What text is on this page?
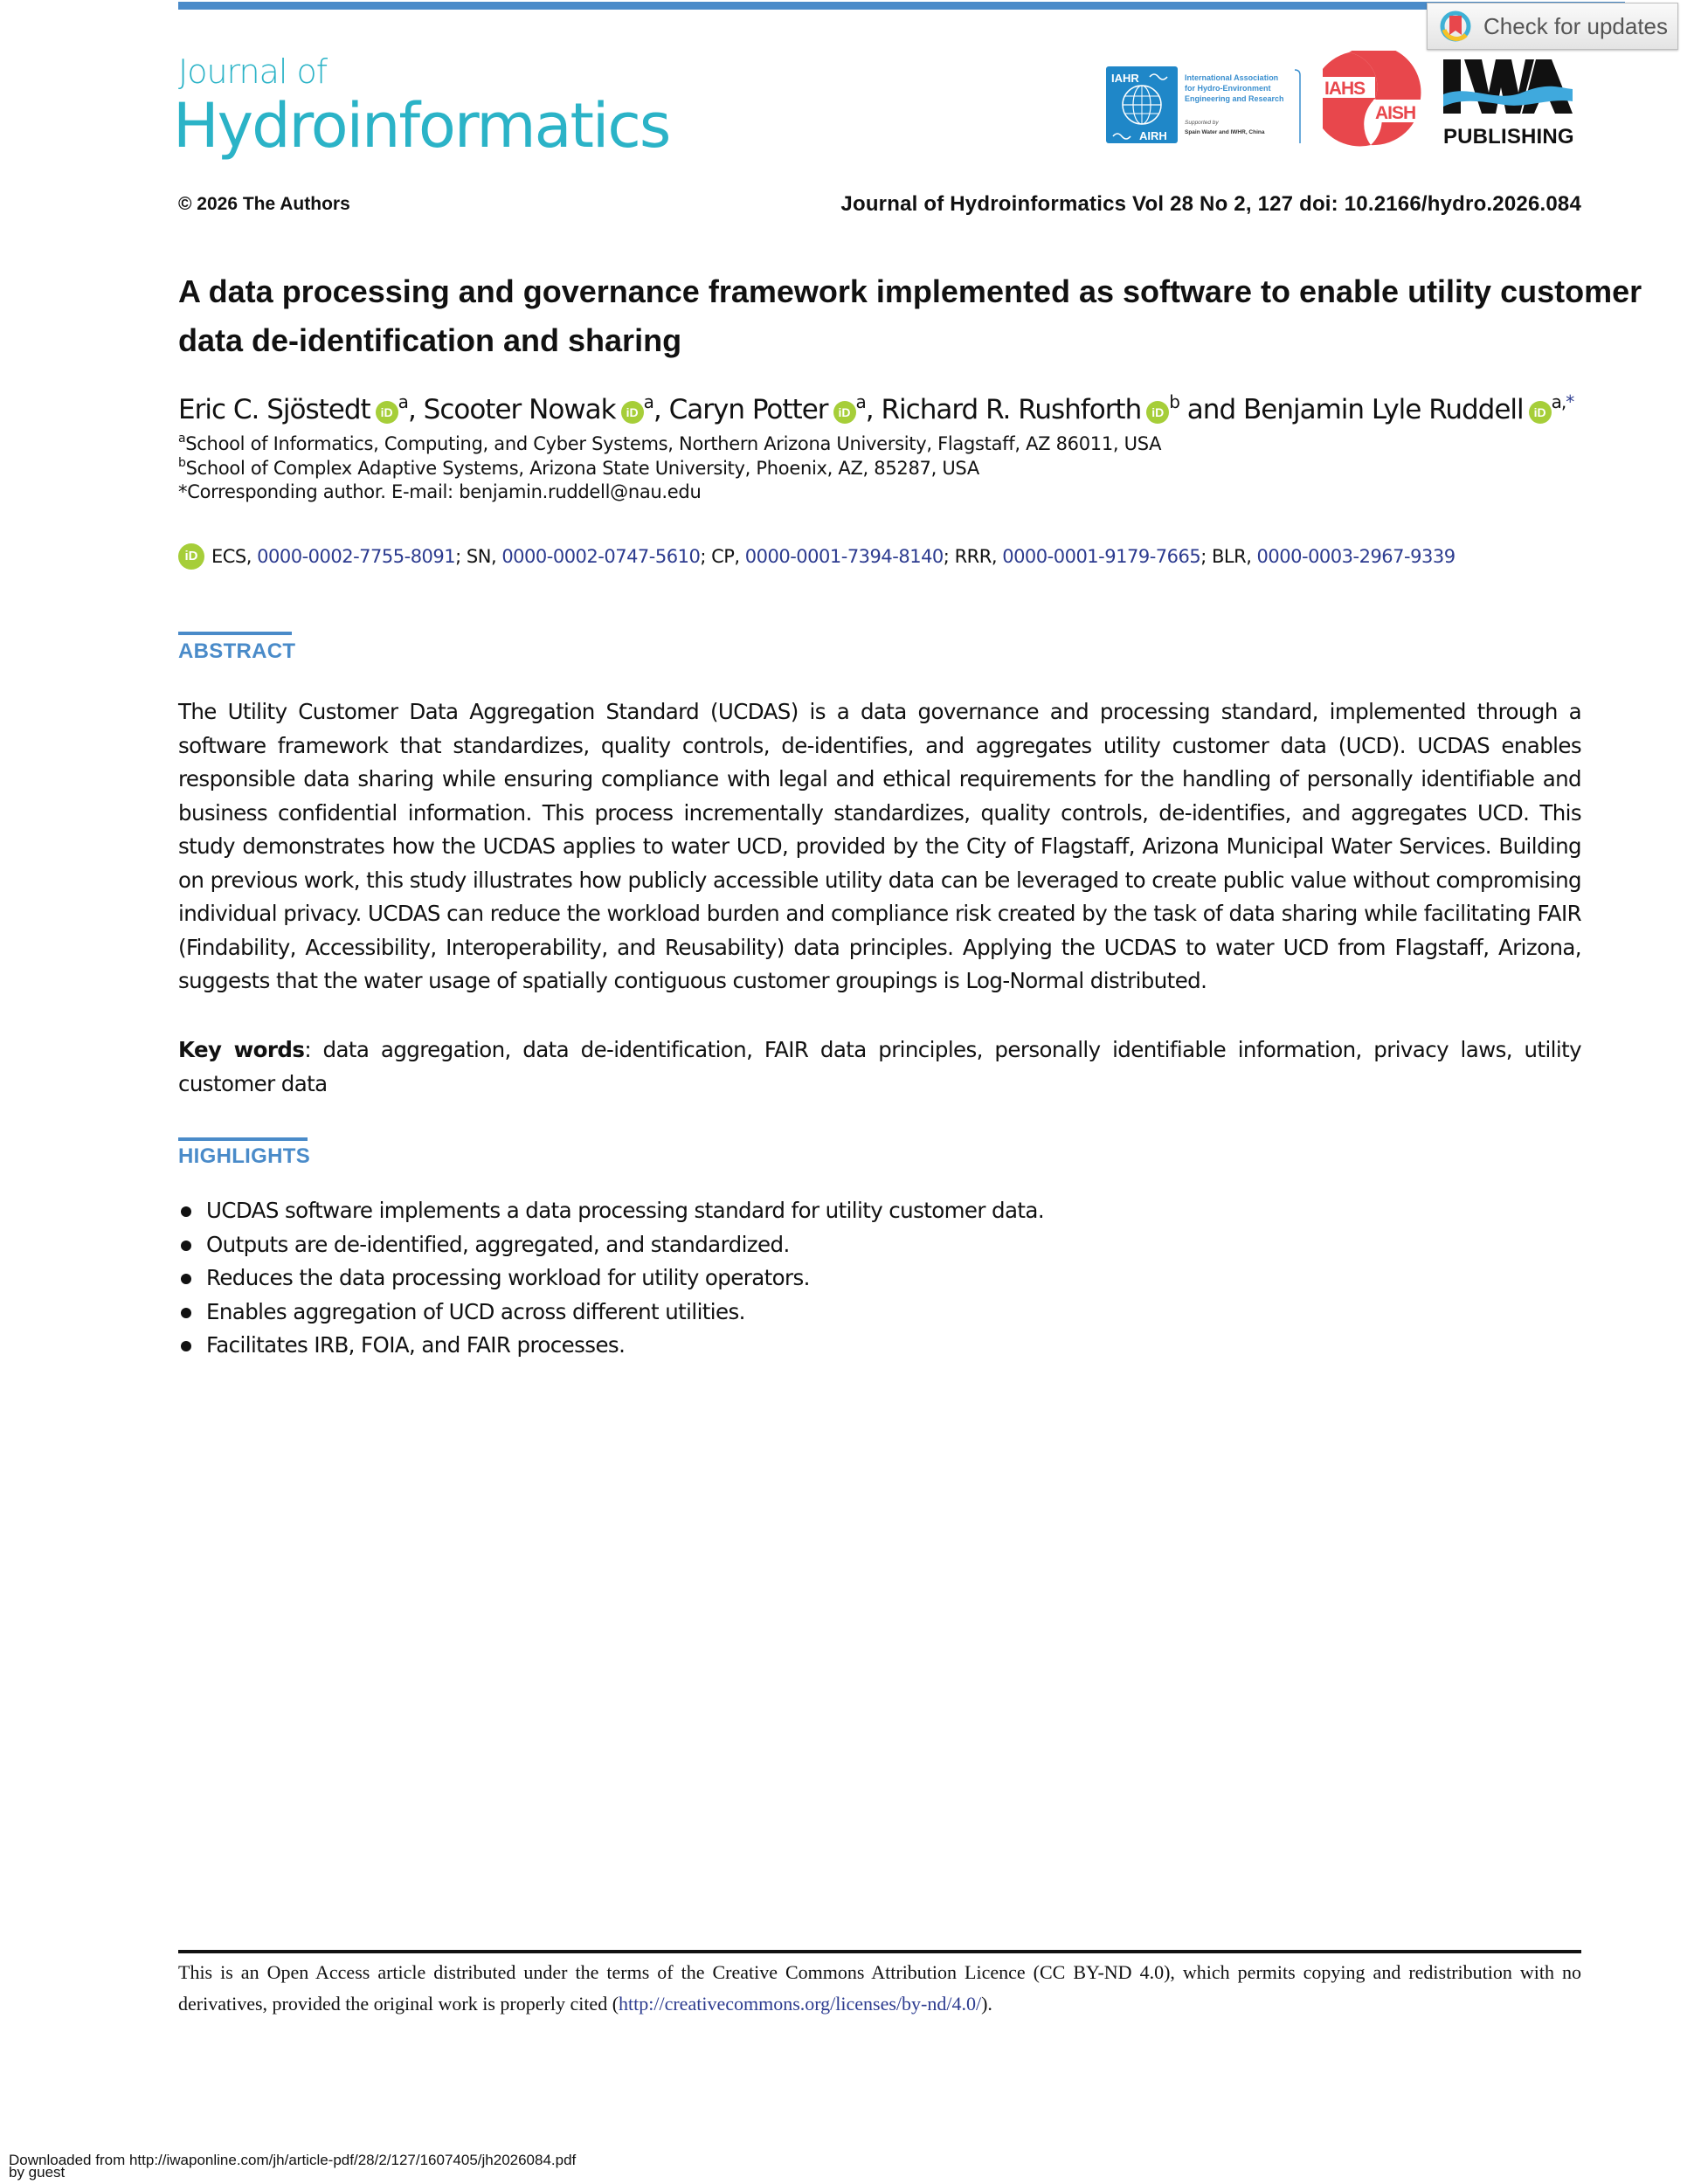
Check for updates
Journal of
Hydroinformatics
IAHR
AIRH
International Association
for Hydro-Environment
Engineering and Research
Supported by
Spain Water and IWHR, China
IAHS
AISH
PUBLISHING
© 2026 The Authors	Journal of Hydroinformatics Vol 28 No 2, 127 doi: 10.2166/hydro.2026.084
A data processing and governance framework implemented as software to enable utility customer data de-identification and sharing
Eric C. Sjöstedt iD $^a$, Scooter Nowak iD $^a$, Caryn Potter iD $^a$, Richard R. Rushforth iD $^b$ and Benjamin Lyle Ruddell iD $^{a,*}$
$^a$School of Informatics, Computing, and Cyber Systems, Northern Arizona University, Flagstaff, AZ 86011, USA
$^b$School of Complex Adaptive Systems, Arizona State University, Phoenix, AZ, 85287, USA
*Corresponding author. E-mail: benjamin.ruddell@nau.edu
iD ECS , 0000-0002-7755-8091 ; SN , 0000-0002-0747-5610 ; CP , 0000-0001-7394-8140 ; RRR , 0000-0001-9179-7665 ; BLR , 0000-0003-2967-9339
ABSTRACT
The Utility Customer Data Aggregation Standard (UCDAS) is a data governance and processing standard, implemented through a software framework that standardizes, quality controls, de-identifies, and aggregates utility customer data (UCD). UCDAS enables responsible data sharing while ensuring compliance with legal and ethical requirements for the handling of personally identifiable and business confidential information. This process incrementally standardizes, quality controls, de-identifies, and aggregates UCD. This study demonstrates how the UCDAS applies to water UCD, provided by the City of Flagstaff, Arizona Municipal Water Services. Building on previous work, this study illustrates how publicly accessible utility data can be leveraged to create public value without compromising individual privacy. UCDAS can reduce the workload burden and compliance risk created by the task of data sharing while facilitating FAIR (Findability, Accessibility, Interoperability, and Reusability) data principles. Applying the UCDAS to water UCD from Flagstaff, Arizona, suggests that the water usage of spatially contiguous customer groupings is Log-Normal distributed.
Key words: data aggregation, data de-identification, FAIR data principles, personally identifiable information, privacy laws, utility customer data
HIGHLIGHTS
UCDAS software implements a data processing standard for utility customer data.
Outputs are de-identified, aggregated, and standardized.
Reduces the data processing workload for utility operators.
Enables aggregation of UCD across different utilities.
Facilitates IRB, FOIA, and FAIR processes.
This is an Open Access article distributed under the terms of the Creative Commons Attribution Licence (CC BY-ND 4.0), which permits copying and redistribution with no derivatives, provided the original work is properly cited (http://creativecommons.org/licenses/by-nd/4.0/).
Downloaded from http://iwaponline.com/jh/article-pdf/28/2/127/1607405/jh2026084.pdf
by guest
